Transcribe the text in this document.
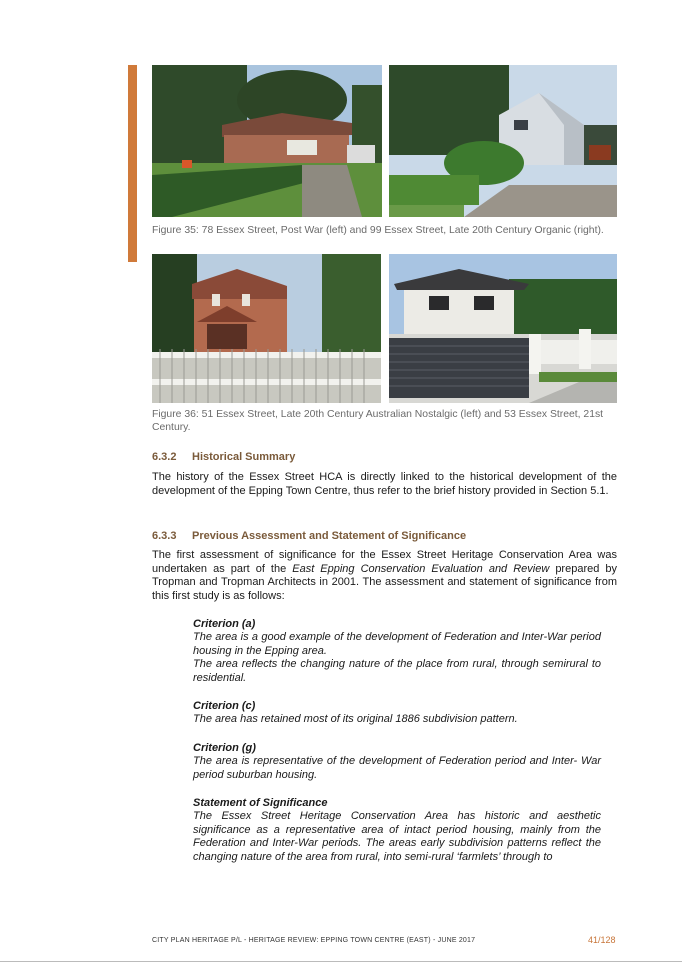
Figure 35: 78 Essex Street, Post War (left) and 99 Essex Street, Late 20th Century Organic (right).
Figure 36: 51 Essex Street, Late 20th Century Australian Nostalgic (left) and 53 Essex Street, 21st Century.
6.3.2 Historical Summary
The history of the Essex Street HCA is directly linked to the historical development of the development of the Epping Town Centre, thus refer to the brief history provided in Section 5.1.
6.3.3 Previous Assessment and Statement of Significance
The first assessment of significance for the Essex Street Heritage Conservation Area was undertaken as part of the East Epping Conservation Evaluation and Review prepared by Tropman and Tropman Architects in 2001. The assessment and statement of significance from this first study is as follows:

Criterion (a)

The area is a good example of the development of Federation and Inter-War period housing in the Epping area.

The area reflects the changing nature of the place from rural, through semirural to residential.

Criterion (c)

The area has retained most of its original 1886 subdivision pattern.

Criterion (g)

The area is representative of the development of Federation period and Inter- War period suburban housing.

Statement of Significance

The Essex Street Heritage Conservation Area has historic and aesthetic significance as a representative area of intact period housing, mainly from the Federation and Inter-War periods. The areas early subdivision patterns reflect the changing nature of the area from rural, into semi-rural ‘farmlets’ through to

CITY PLAN HERITAGE P/L - HERITAGE REVIEW: EPPING TOWN CENTRE (EAST) - JUNE 2017	41/128
